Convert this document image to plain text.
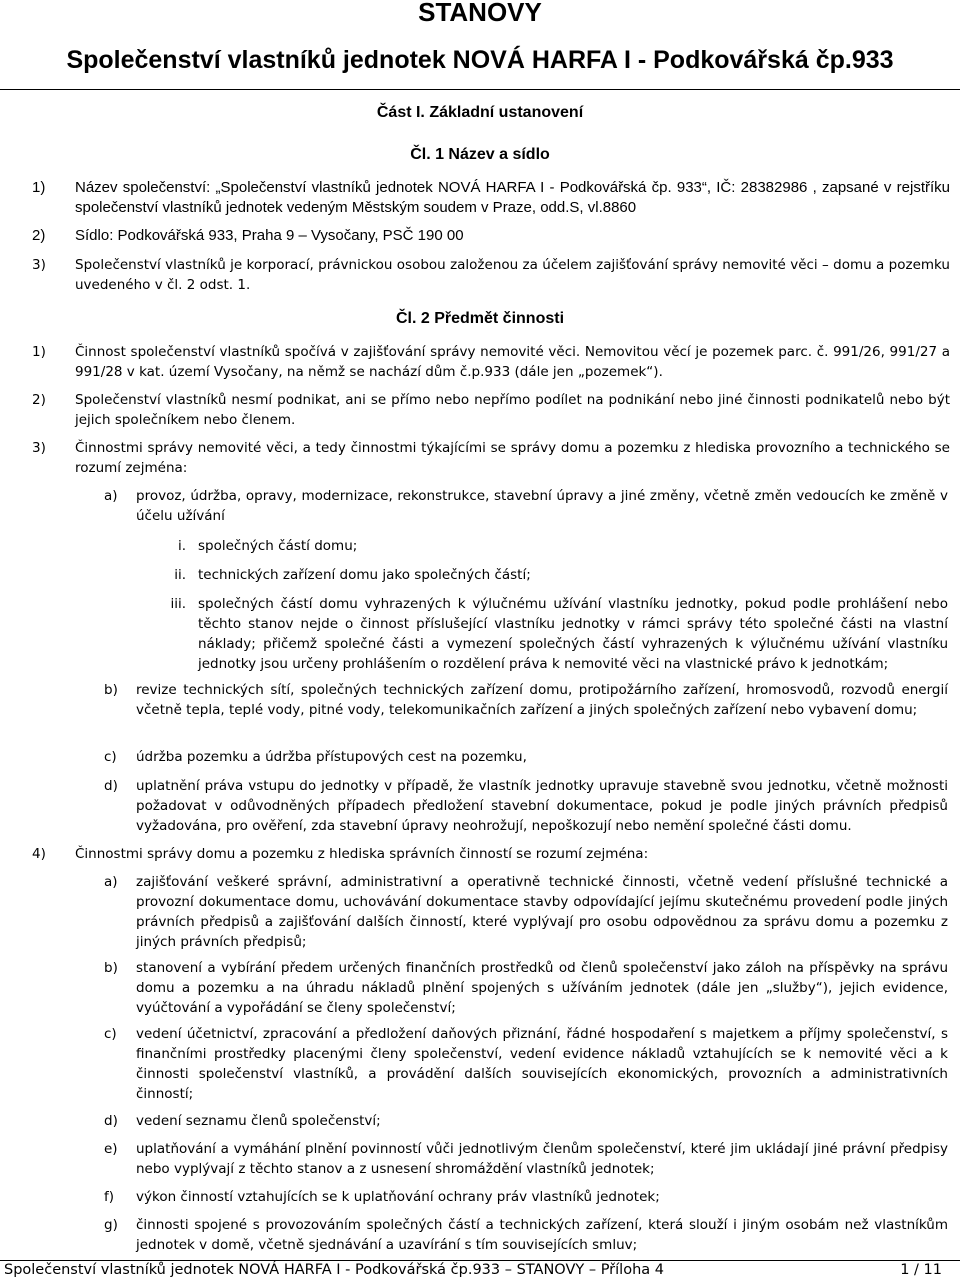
STANOVY
Společenství vlastníků jednotek NOVÁ HARFA I - Podkovářská čp.933
Část I. Základní ustanovení
Čl. 1 Název a sídlo
1) Název společenství: „Společenství vlastníků jednotek NOVÁ HARFA I - Podkovářská čp. 933“, IČ: 28382986 , zapsané v rejstříku společenství vlastníků jednotek vedeným Městským soudem v Praze, odd.S, vl.8860
2) Sídlo: Podkovářská 933, Praha 9 – Vysočany, PSČ 190 00
3) Společenství vlastníků je korporací, právnickou osobou založenou za účelem zajišťování správy nemovité věci – domu a pozemku uvedeného v čl. 2 odst. 1.
Čl. 2 Předmět činnosti
1) Činnost společenství vlastníků spočívá v zajišťování správy nemovité věci. Nemovitou věcí je pozemek parc. č. 991/26, 991/27 a 991/28 v kat. území Vysočany, na němž se nachází dům č.p.933 (dále jen „pozemek“).
2) Společenství vlastníků nesmí podnikat, ani se přímo nebo nepřímo podílet na podnikání nebo jiné činnosti podnikatelů nebo být jejich společníkem nebo členem.
3) Činnostmi správy nemovité věci, a tedy činnostmi týkajícími se správy domu a pozemku z hlediska provozního a technického se rozumí zejména:
a) provoz, údržba, opravy, modernizace, rekonstrukce, stavební úpravy a jiné změny, včetně změn vedoucích ke změně v účelu užívání
i. společných částí domu;
ii. technických zařízení domu jako společných částí;
iii. společných částí domu vyhrazených k výlučnému užívání vlastníku jednotky, pokud podle prohlášení nebo těchto stanov nejde o činnost příslušející vlastníku jednotky v rámci správy této společné části na vlastní náklady; přičemž společné části a vymezení společných částí vyhrazených k výlučnému užívání vlastníku jednotky jsou určeny prohlášením o rozdělení práva k nemovité věci na vlastnické právo k jednotkám;
b) revize technických sítí, společných technických zařízení domu, protipožárního zařízení, hromosvodů, rozvodů energií včetně tepla, teplé vody, pitné vody, telekomunikačních zařízení a jiných společných zařízení nebo vybavení domu;
c) údržba pozemku a údržba přístupových cest na pozemku,
d) uplatnění práva vstupu do jednotky v případě, že vlastník jednotky upravuje stavebně svou jednotku, včetně možnosti požadovat v odůvodněných případech předložení stavební dokumentace, pokud je podle jiných právních předpisů vyžadována, pro ověření, zda stavební úpravy neohrožují, nepoškozují nebo nemění společné části domu.
4) Činnostmi správy domu a pozemku z hlediska správních činností se rozumí zejména:
a) zajišťování veškeré správní, administrativní a operativně technické činnosti, včetně vedení příslušné technické a provozní dokumentace domu, uchovávání dokumentace stavby odpovídající jejímu skutečnému provedení podle jiných právních předpisů a zajišťování dalších činností, které vyplývají pro osobu odpovědnou za správu domu a pozemku z jiných právních předpisů;
b) stanovení a vybírání předem určených finančních prostředků od členů společenství jako záloh na příspěvky na správu domu a pozemku a na úhradu nákladů plnění spojených s užíváním jednotek (dále jen „služby“), jejich evidence, vyúčtování a vypořádání se členy společenství;
c) vedení účetnictví, zpracování a předložení daňových přiznání, řádné hospodaření s majetkem a příjmy společenství, s finančními prostředky placenými členy společenství, vedení evidence nákladů vztahujících se k nemovité věci a k činnosti společenství vlastníků, a provádění dalších souvisejících ekonomických, provozních a administrativních činností;
d) vedení seznamu členů společenství;
e) uplatňování a vymáhání plnění povinností vůči jednotlivým členům společenství, které jim ukládají jiné právní předpisy nebo vyplývají z těchto stanov a z usnesení shromáždění vlastníků jednotek;
f) výkon činností vztahujících se k uplatňování ochrany práv vlastníků jednotek;
g) činnosti spojené s provozováním společných částí a technických zařízení, která slouží i jiným osobám než vlastníkům jednotek v domě, včetně sjednávání a uzavírání s tím souvisejících smluv;
Společenství vlastníků jednotek NOVÁ HARFA I - Podkovářská čp.933 – STANOVY – Příloha 4	1 / 11
